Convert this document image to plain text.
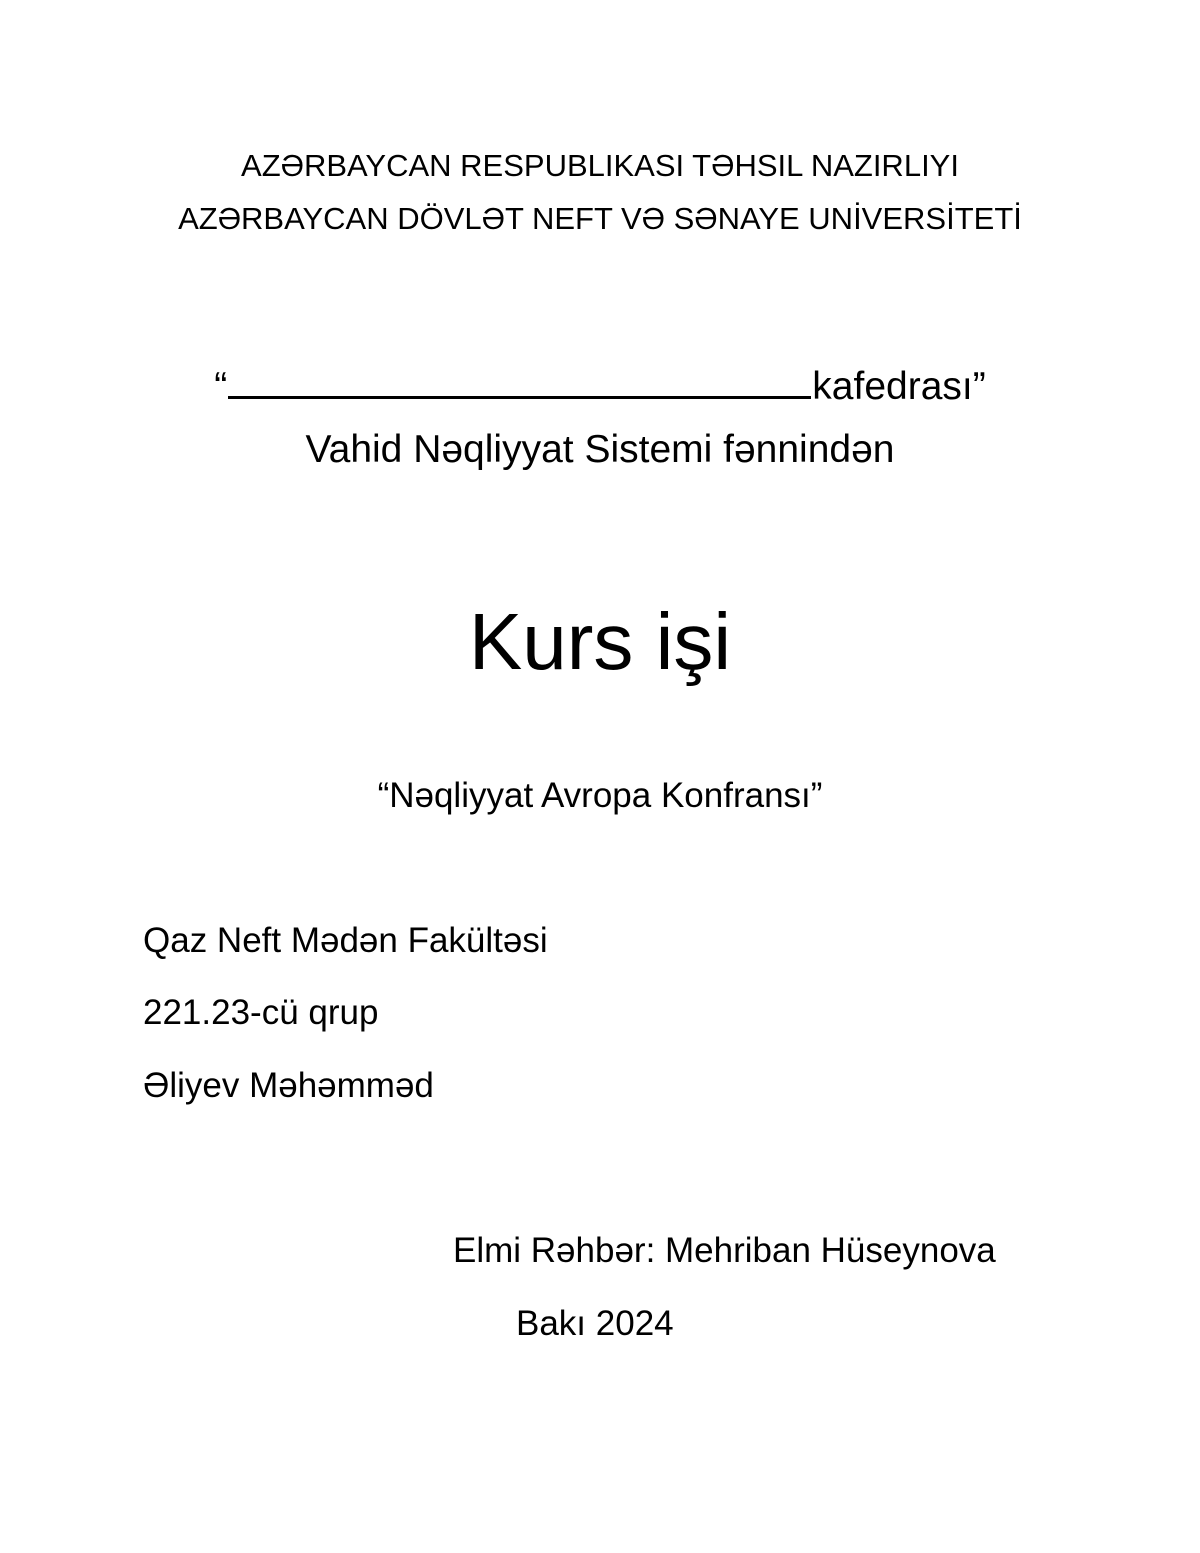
AZƏRBAYCAN RESPUBLIKASI TƏHSIL NAZIRLIYI
AZƏRBAYCAN DÖVLƏT NEFT VƏ SƏNAYE UNİVERSİTETİ
“	kafedrası”
Vahid Nəqliyyat Sistemi fənnindən
Kurs işi
“Nəqliyyat Avropa Konfransı”
Qaz Neft Mədən Fakültəsi
221.23-cü qrup
Əliyev Məhəmməd
Elmi Rəhbər: Mehriban Hüseynova
Bakı 2024
